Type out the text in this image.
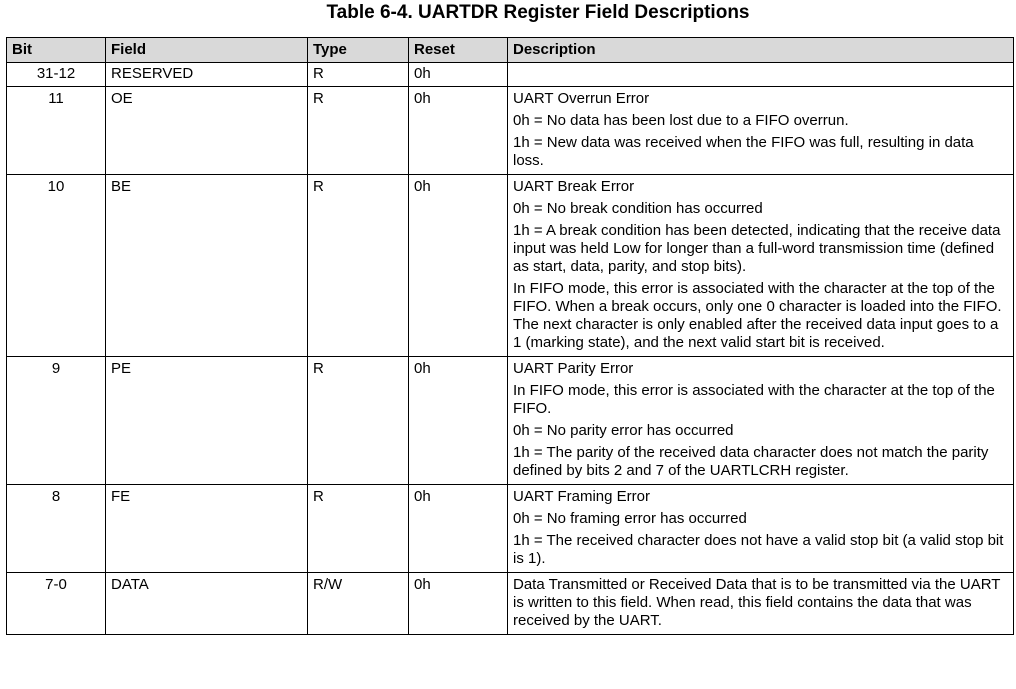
Table 6-4. UARTDR Register Field Descriptions
Bit	Field	Type	Reset	Description
31-12	RESERVED	R	0h	
11	OE	R	0h	UART Overrun Error

0h = No data has been lost due to a FIFO overrun.

1h = New data was received when the FIFO was full, resulting in data loss.

10	BE	R	0h	UART Break Error

0h = No break condition has occurred

1h = A break condition has been detected, indicating that the receive data input was held Low for longer than a full-word transmission time (defined as start, data, parity, and stop bits).

In FIFO mode, this error is associated with the character at the top of the FIFO. When a break occurs, only one 0 character is loaded into the FIFO. The next character is only enabled after the received data input goes to a 1 (marking state), and the next valid start bit is received.

9	PE	R	0h	UART Parity Error

In FIFO mode, this error is associated with the character at the top of the FIFO.

0h = No parity error has occurred

1h = The parity of the received data character does not match the parity defined by bits 2 and 7 of the UARTLCRH register.

8	FE	R	0h	UART Framing Error

0h = No framing error has occurred

1h = The received character does not have a valid stop bit (a valid stop bit is 1).

7-0	DATA	R/W	0h	Data Transmitted or Received Data that is to be transmitted via the UART is written to this field. When read, this field contains the data that was received by the UART.
